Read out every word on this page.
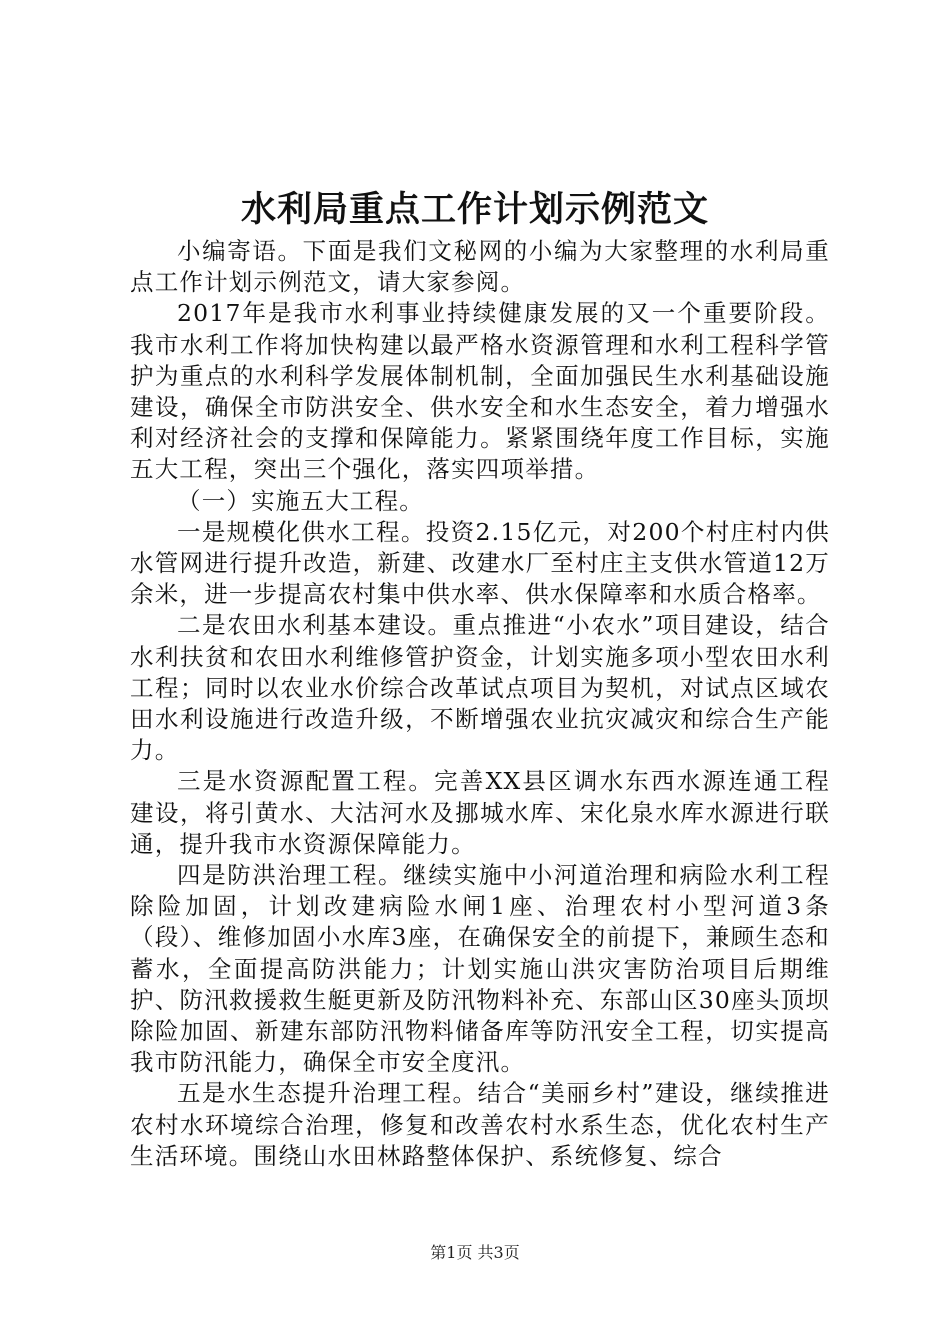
水利局重点工作计划示例范文

小编寄语。下面是我们文秘网的小编为大家整理的水利局重点工作计划示例范文，请大家参阅。

2017年是我市水利事业持续健康发展的又一个重要阶段。我市水利工作将加快构建以最严格水资源管理和水利工程科学管护为重点的水利科学发展体制机制，全面加强民生水利基础设施建设，确保全市防洪安全、供水安全和水生态安全，着力增强水利对经济社会的支撑和保障能力。紧紧围绕年度工作目标，实施五大工程，突出三个强化，落实四项举措。

（一）实施五大工程。

一是规模化供水工程。投资2.15亿元，对200个村庄村内供水管网进行提升改造，新建、改建水厂至村庄主支供水管道12万余米，进一步提高农村集中供水率、供水保障率和水质合格率。

二是农田水利基本建设。重点推进“小农水”项目建设，结合水利扶贫和农田水利维修管护资金，计划实施多项小型农田水利工程；同时以农业水价综合改革试点项目为契机，对试点区域农田水利设施进行改造升级，不断增强农业抗灾减灾和综合生产能力。

三是水资源配置工程。完善XX县区调水东西水源连通工程建设，将引黄水、大沽河水及挪城水库、宋化泉水库水源进行联通，提升我市水资源保障能力。

四是防洪治理工程。继续实施中小河道治理和病险水利工程除险加固，计划改建病险水闸1座、治理农村小型河道3条（段）、维修加固小水库3座，在确保安全的前提下，兼顾生态和蓄水，全面提高防洪能力；计划实施山洪灾害防治项目后期维护、防汛救援救生艇更新及防汛物料补充、东部山区30座头顶坝除险加固、新建东部防汛物料储备库等防汛安全工程，切实提高我市防汛能力，确保全市安全度汛。

五是水生态提升治理工程。结合“美丽乡村”建设，继续推进农村水环境综合治理，修复和改善农村水系生态，优化农村生产生活环境。围绕山水田林路整体保护、系统修复、综合

第1页 共3页
